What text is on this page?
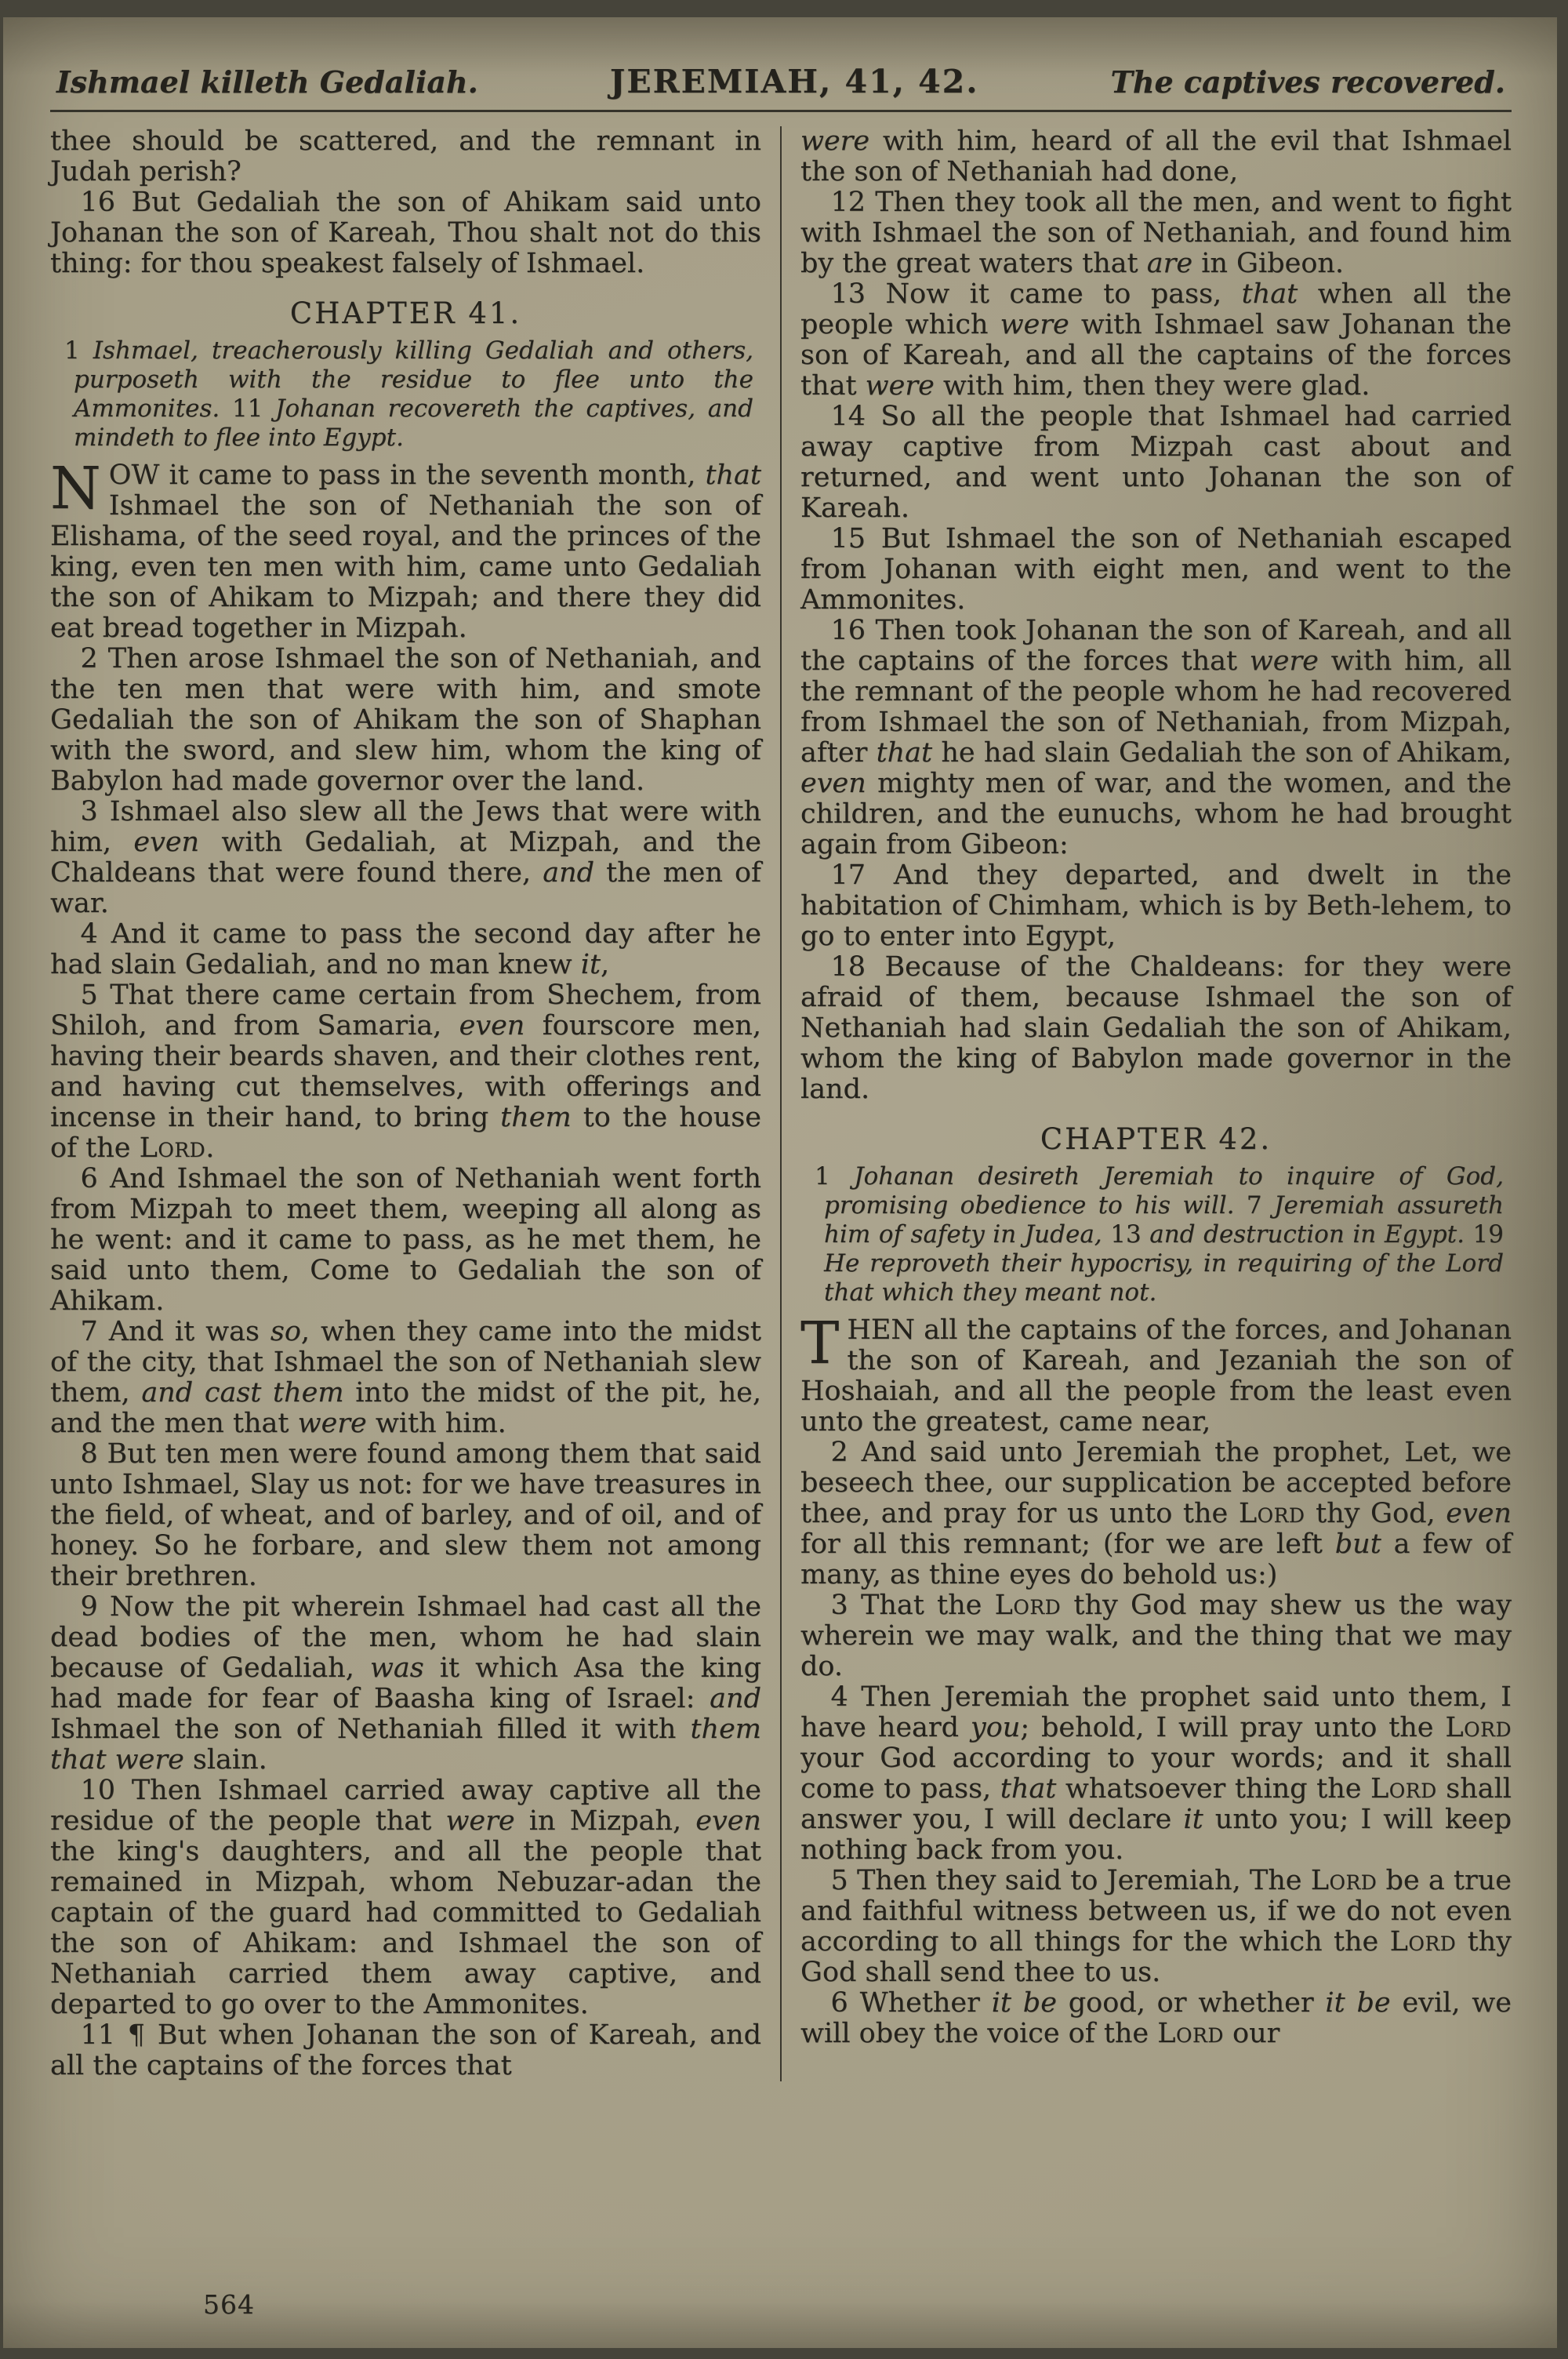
Ishmael killeth Gedaliah.	JEREMIAH, 41, 42.	The captives recovered.

thee should be scattered, and the remnant in Judah perish?

16 But Gedaliah the son of Ahikam said unto Johanan the son of Kareah, Thou shalt not do this thing: for thou speakest falsely of Ishmael.

CHAPTER 41.

1 Ishmael, treacherously killing Gedaliah and others, purposeth with the residue to flee unto the Ammonites. 11 Johanan recovereth the captives, and mindeth to flee into Egypt.

NOW it came to pass in the seventh month, that Ishmael the son of Nethaniah the son of Elishama, of the seed royal, and the princes of the king, even ten men with him, came unto Gedaliah the son of Ahikam to Mizpah; and there they did eat bread together in Mizpah.

2 Then arose Ishmael the son of Nethaniah, and the ten men that were with him, and smote Gedaliah the son of Ahikam the son of Shaphan with the sword, and slew him, whom the king of Babylon had made governor over the land.

3 Ishmael also slew all the Jews that were with him, even with Gedaliah, at Mizpah, and the Chaldeans that were found there, and the men of war.

4 And it came to pass the second day after he had slain Gedaliah, and no man knew it,

5 That there came certain from Shechem, from Shiloh, and from Samaria, even fourscore men, having their beards shaven, and their clothes rent, and having cut themselves, with offerings and incense in their hand, to bring them to the house of the Lord.

6 And Ishmael the son of Nethaniah went forth from Mizpah to meet them, weeping all along as he went: and it came to pass, as he met them, he said unto them, Come to Gedaliah the son of Ahikam.

7 And it was so, when they came into the midst of the city, that Ishmael the son of Nethaniah slew them, and cast them into the midst of the pit, he, and the men that were with him.

8 But ten men were found among them that said unto Ishmael, Slay us not: for we have treasures in the field, of wheat, and of barley, and of oil, and of honey. So he forbare, and slew them not among their brethren.

9 Now the pit wherein Ishmael had cast all the dead bodies of the men, whom he had slain because of Gedaliah, was it which Asa the king had made for fear of Baasha king of Israel: and Ishmael the son of Nethaniah filled it with them that were slain.

10 Then Ishmael carried away captive all the residue of the people that were in Mizpah, even the king's daughters, and all the people that remained in Mizpah, whom Nebuzar-adan the captain of the guard had committed to Gedaliah the son of Ahikam: and Ishmael the son of Nethaniah carried them away captive, and departed to go over to the Ammonites.

11 ¶ But when Johanan the son of Kareah, and all the captains of the forces that

were with him, heard of all the evil that Ishmael the son of Nethaniah had done,

12 Then they took all the men, and went to fight with Ishmael the son of Nethaniah, and found him by the great waters that are in Gibeon.

13 Now it came to pass, that when all the people which were with Ishmael saw Johanan the son of Kareah, and all the captains of the forces that were with him, then they were glad.

14 So all the people that Ishmael had carried away captive from Mizpah cast about and returned, and went unto Johanan the son of Kareah.

15 But Ishmael the son of Nethaniah escaped from Johanan with eight men, and went to the Ammonites.

16 Then took Johanan the son of Kareah, and all the captains of the forces that were with him, all the remnant of the people whom he had recovered from Ishmael the son of Nethaniah, from Mizpah, after that he had slain Gedaliah the son of Ahikam, even mighty men of war, and the women, and the children, and the eunuchs, whom he had brought again from Gibeon:

17 And they departed, and dwelt in the habitation of Chimham, which is by Beth-lehem, to go to enter into Egypt,

18 Because of the Chaldeans: for they were afraid of them, because Ishmael the son of Nethaniah had slain Gedaliah the son of Ahikam, whom the king of Babylon made governor in the land.

CHAPTER 42.

1 Johanan desireth Jeremiah to inquire of God, promising obedience to his will. 7 Jeremiah assureth him of safety in Judea, 13 and destruction in Egypt. 19 He reproveth their hypocrisy, in requiring of the Lord that which they meant not.

THEN all the captains of the forces, and Johanan the son of Kareah, and Jezaniah the son of Hoshaiah, and all the people from the least even unto the greatest, came near,

2 And said unto Jeremiah the prophet, Let, we beseech thee, our supplication be accepted before thee, and pray for us unto the Lord thy God, even for all this remnant; (for we are left but a few of many, as thine eyes do behold us:)

3 That the Lord thy God may shew us the way wherein we may walk, and the thing that we may do.

4 Then Jeremiah the prophet said unto them, I have heard you; behold, I will pray unto the Lord your God according to your words; and it shall come to pass, that whatsoever thing the Lord shall answer you, I will declare it unto you; I will keep nothing back from you.

5 Then they said to Jeremiah, The Lord be a true and faithful witness between us, if we do not even according to all things for the which the Lord thy God shall send thee to us.

6 Whether it be good, or whether it be evil, we will obey the voice of the Lord our

564
